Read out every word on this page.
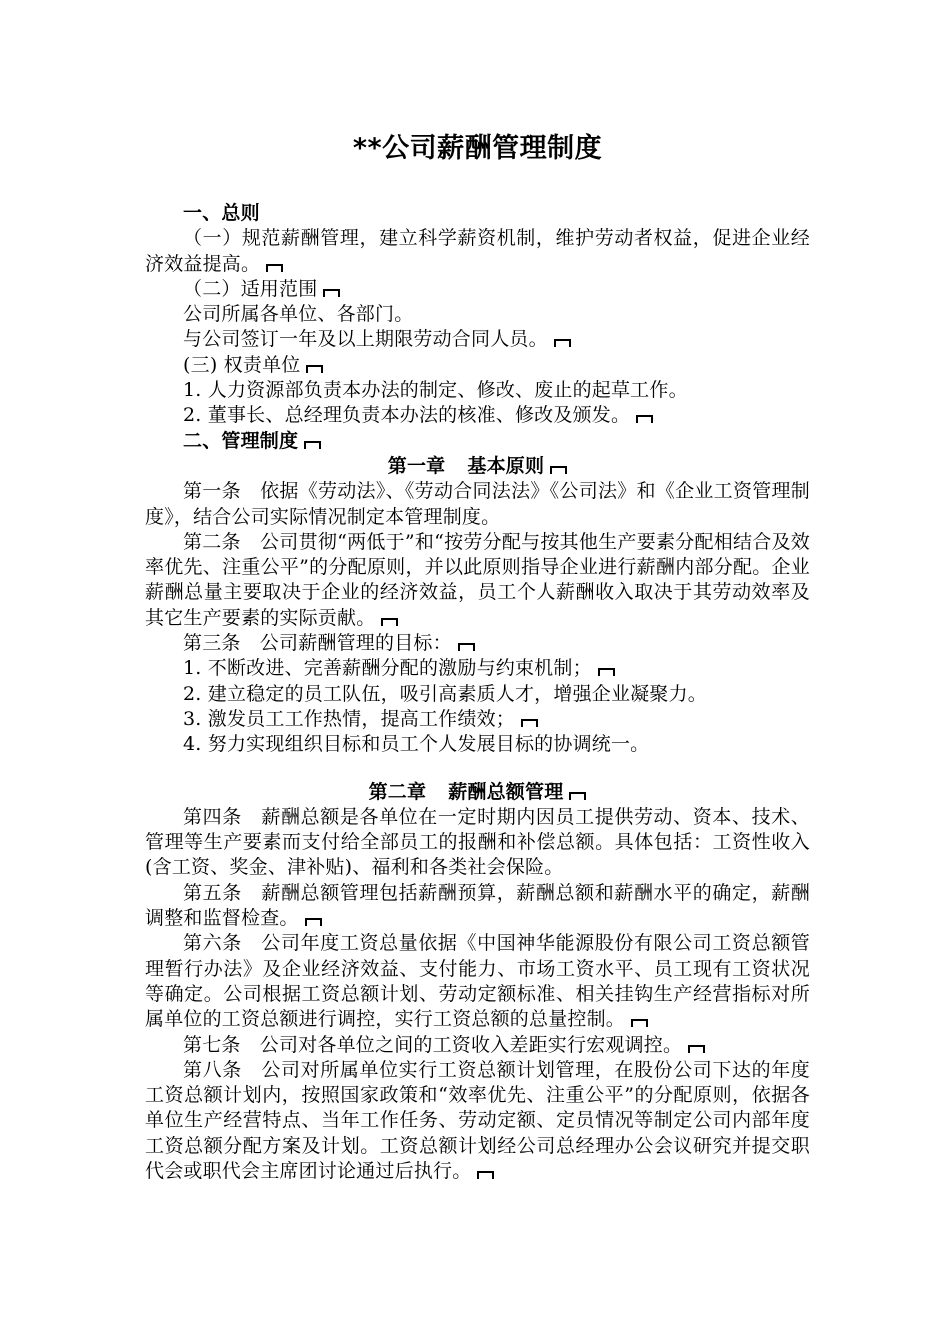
**公司薪酬管理制度

一、总则

（一）规范薪酬管理，建立科学薪资机制，维护劳动者权益，促进企业经济效益提高。

（二）适用范围

公司所属各单位、各部门。

与公司签订一年及以上期限劳动合同人员。

(三) 权责单位

1. 人力资源部负责本办法的制定、修改、废止的起草工作。

2. 董事长、总经理负责本办法的核准、修改及颁发。

二、管理制度

第一章 基本原则

第一条　依据《劳动法》、《劳动合同法法》《公司法》和《企业工资管理制度》，结合公司实际情况制定本管理制度。

第二条　公司贯彻“两低于”和“按劳分配与按其他生产要素分配相结合及效率优先、注重公平”的分配原则，并以此原则指导企业进行薪酬内部分配。企业薪酬总量主要取决于企业的经济效益，员工个人薪酬收入取决于其劳动效率及其它生产要素的实际贡献。

第三条　公司薪酬管理的目标：

1. 不断改进、完善薪酬分配的激励与约束机制；

2. 建立稳定的员工队伍，吸引高素质人才，增强企业凝聚力。

3. 激发员工工作热情，提高工作绩效；

4. 努力实现组织目标和员工个人发展目标的协调统一。

第二章 薪酬总额管理

第四条　薪酬总额是各单位在一定时期内因员工提供劳动、资本、技术、管理等生产要素而支付给全部员工的报酬和补偿总额。具体包括：工资性收入(含工资、奖金、津补贴)、福利和各类社会保险。

第五条　薪酬总额管理包括薪酬预算，薪酬总额和薪酬水平的确定，薪酬调整和监督检查。

第六条　公司年度工资总量依据《中国神华能源股份有限公司工资总额管理暂行办法》及企业经济效益、支付能力、市场工资水平、员工现有工资状况等确定。公司根据工资总额计划、劳动定额标准、相关挂钩生产经营指标对所属单位的工资总额进行调控，实行工资总额的总量控制。

第七条　公司对各单位之间的工资收入差距实行宏观调控。

第八条　公司对所属单位实行工资总额计划管理，在股份公司下达的年度工资总额计划内，按照国家政策和“效率优先、注重公平”的分配原则，依据各单位生产经营特点、当年工作任务、劳动定额、定员情况等制定公司内部年度工资总额分配方案及计划。工资总额计划经公司总经理办公会议研究并提交职代会或职代会主席团讨论通过后执行。
